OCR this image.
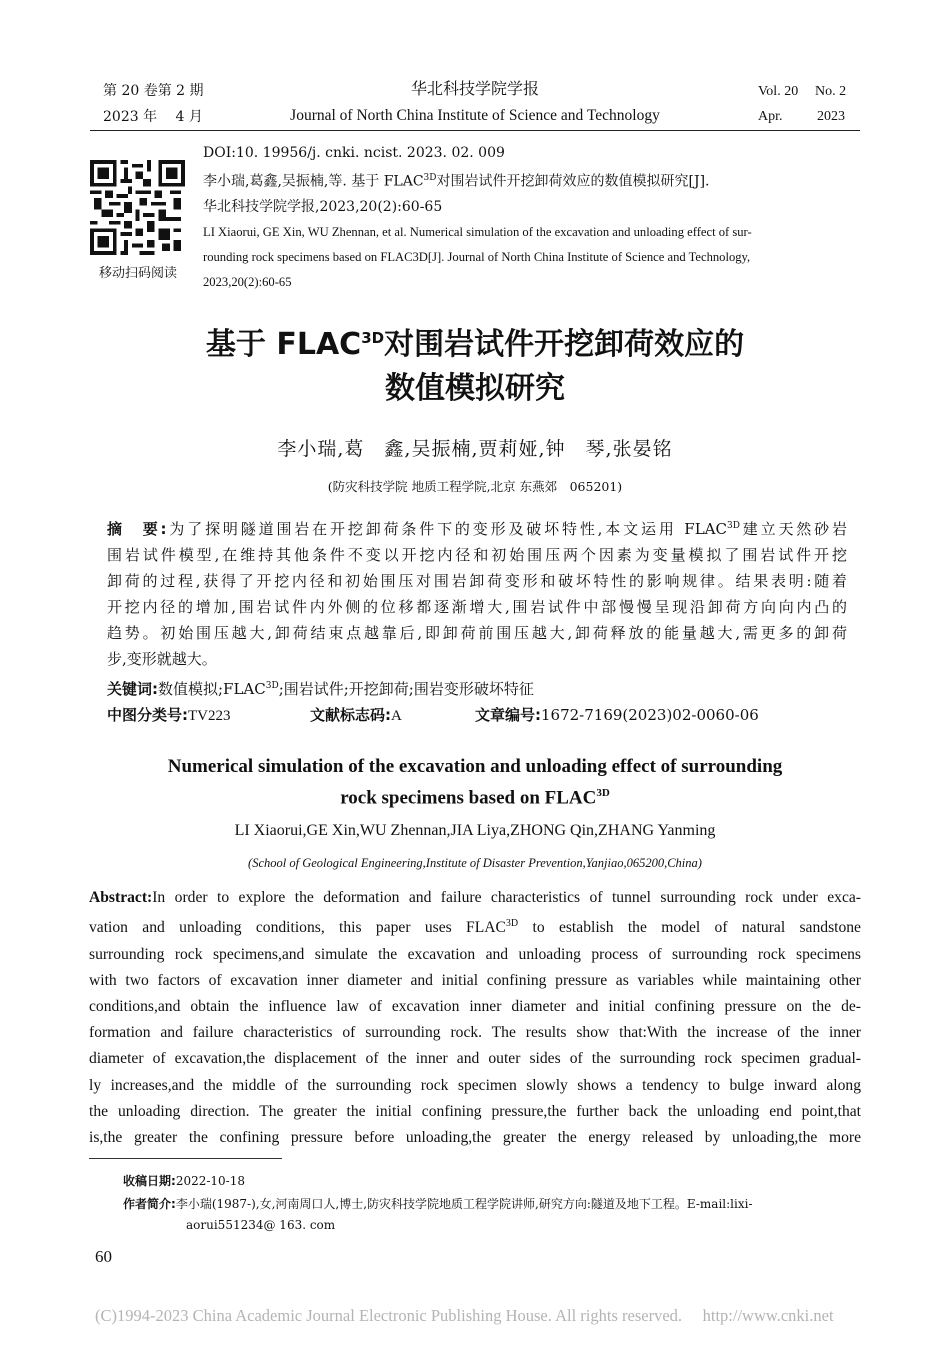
第 20 卷第 2 期
2023 年　 4 月
华北科技学院学报
Journal of North China Institute of Science and Technology
Vol. 20 No. 2
Apr. 2023
移动扫码阅读
DOI:10. 19956/j. cnki. ncist. 2023. 02. 009
李小瑞,葛鑫,吴振楠,等. 基于 $FLAC^{3D}$对围岩试件开挖卸荷效应的数值模拟研究[J].
华北科技学院学报,2023,20(2):60-65
LI Xiaorui, GE Xin, WU Zhennan, et al. Numerical simulation of the excavation and unloading effect of sur-
rounding rock specimens based on FLAC3D[J]. Journal of North China Institute of Science and Technology,
2023,20(2):60-65
基于 $FLAC^{3D}$对围岩试件开挖卸荷效应的
数值模拟研究
李小瑞,葛　鑫,吴振楠,贾莉娅,钟　琴,张晏铭
(防灾科技学院 地质工程学院,北京 东燕郊　065201)
摘　要:为了探明隧道围岩在开挖卸荷条件下的变形及破坏特性,本文运用 $FLAC^{3D}$建立天然砂岩
围岩试件模型,在维持其他条件不变以开挖内径和初始围压两个因素为变量模拟了围岩试件开挖
卸荷的过程,获得了开挖内径和初始围压对围岩卸荷变形和破坏特性的影响规律。结果表明:随着
开挖内径的增加,围岩试件内外侧的位移都逐渐增大,围岩试件中部慢慢呈现沿卸荷方向向内凸的
趋势。初始围压越大,卸荷结束点越靠后,即卸荷前围压越大,卸荷释放的能量越大,需更多的卸荷
步,变形就越大。
关键词:数值模拟$;FLAC^{3D}$;围岩试件;开挖卸荷;围岩变形破坏特征
中图分类号:TV223	文献标志码:A	文章编号:1672-7169(2023)02-0060-06
Numerical simulation of the excavation and unloading effect of surrounding
rock specimens based on $FLAC^{3D}$
LI Xiaorui,GE Xin,WU Zhennan,JIA Liya,ZHONG Qin,ZHANG Yanming
(School of Geological Engineering,Institute of Disaster Prevention,Yanjiao,065200,China)
Abstract:In order to explore the deformation and failure characteristics of tunnel surrounding rock under exca-
vation and unloading conditions, this paper uses $FLAC^{3D}$ to establish the model of natural sandstone
surrounding rock specimens,and simulate the excavation and unloading process of surrounding rock specimens
with two factors of excavation inner diameter and initial confining pressure as variables while maintaining other
conditions,and obtain the influence law of excavation inner diameter and initial confining pressure on the de-
formation and failure characteristics of surrounding rock. The results show that:With the increase of the inner
diameter of excavation,the displacement of the inner and outer sides of the surrounding rock specimen gradual-
ly increases,and the middle of the surrounding rock specimen slowly shows a tendency to bulge inward along
the unloading direction. The greater the initial confining pressure,the further back the unloading end point,that
is,the greater the confining pressure before unloading,the greater the energy released by unloading,the more
收稿日期:2022-10-18
作者简介:李小瑞(1987-),女,河南周口人,博士,防灾科技学院地质工程学院讲师,研究方向:隧道及地下工程。E-mail:lixi-
aorui551234@ 163. com
60
(C)1994-2023 China Academic Journal Electronic Publishing House. All rights reserved.　 http://www.cnki.net
